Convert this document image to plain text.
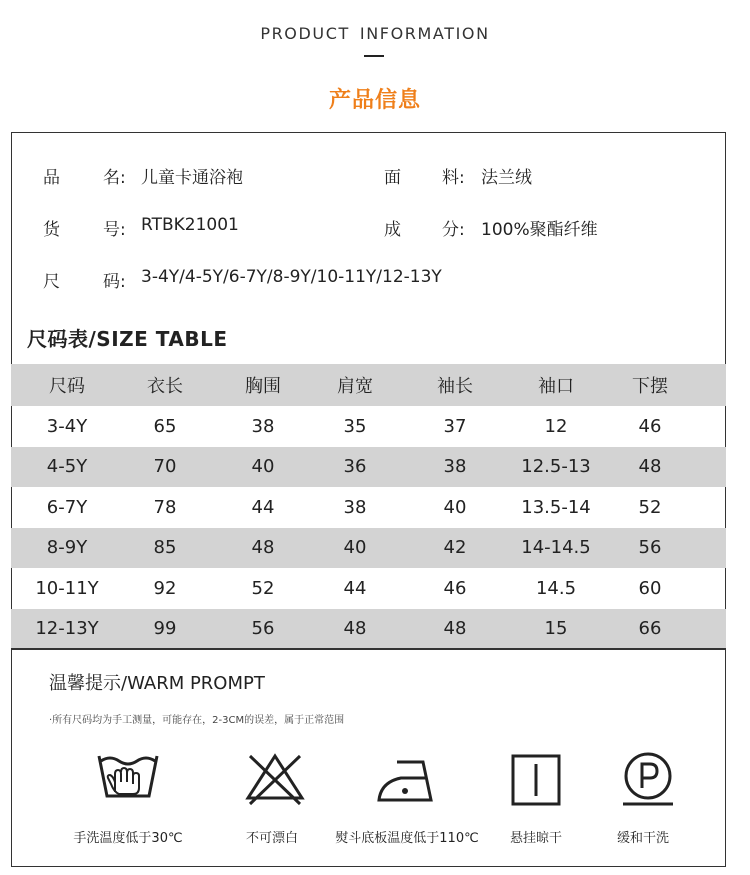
PRODUCT INFORMATION
产品信息
品	名: 儿童卡通浴袍	面 料: 法兰绒
货	号: RTBK21001	成 分: 100%聚酯纤维
尺	码: 3-4Y/4-5Y/6-7Y/8-9Y/10-11Y/12-13Y
尺码表/SIZE TABLE
尺码	衣长	胸围	肩宽	袖长	袖口	下摆
3-4Y	65	38	35	37	12	46
4-5Y	70	40	36	38	12.5-13	48
6-7Y	78	44	38	40	13.5-14	52
8-9Y	85	48	40	42	14-14.5	56
10-11Y	92	52	44	46	14.5	60
12-13Y	99	56	48	48	15	66
温馨提示/WARM PROMPT
·所有尺码均为手工测量，可能存在，2-3CM的误差，属于正常范围
手洗温度低于30℃	不可漂白	熨斗底板温度低于110℃	悬挂晾干	缓和干洗
